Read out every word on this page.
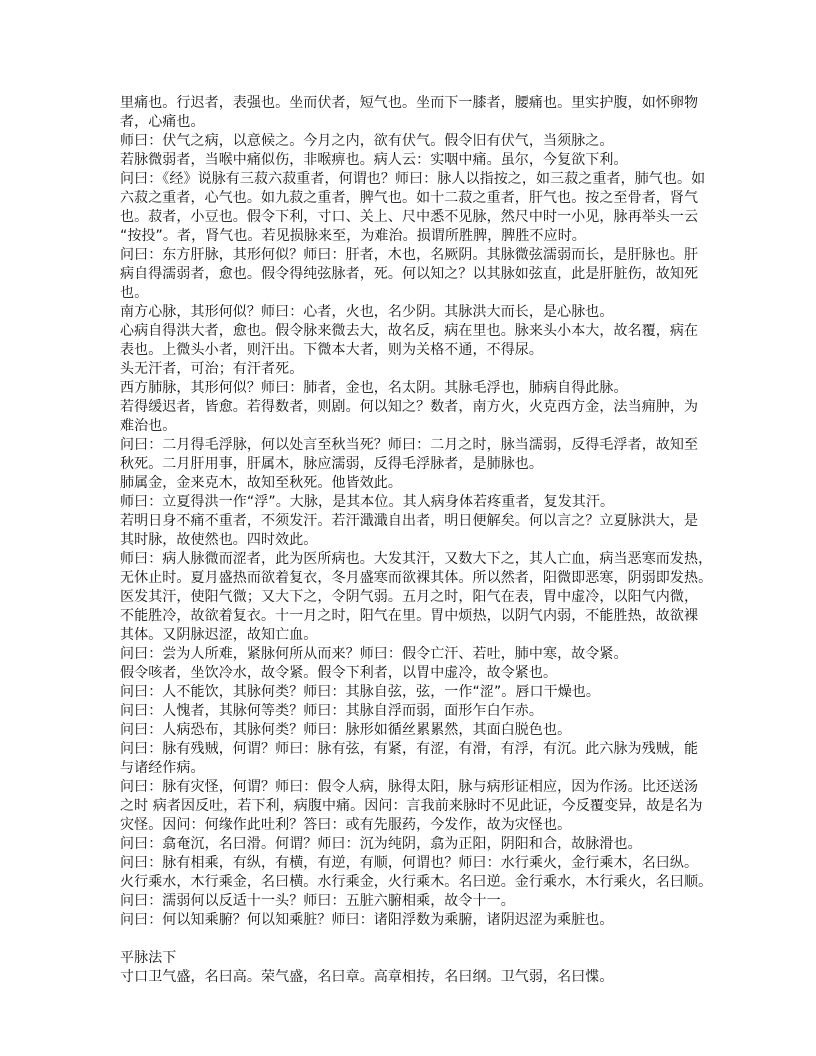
里痛也。行迟者，表强也。坐而伏者，短气也。坐而下一膝者，腰痛也。里实护腹，如怀卵物
者，心痛也。
师曰：伏气之病，以意候之。今月之内，欲有伏气。假令旧有伏气，当须脉之。
若脉微弱者，当喉中痛似伤，非喉痹也。病人云：实咽中痛。虽尔，今复欲下利。
问曰：《经》说脉有三菽六菽重者，何谓也？师曰：脉人以指按之，如三菽之重者，肺气也。如
六菽之重者，心气也。如九菽之重者，脾气也。如十二菽之重者，肝气也。按之至骨者，肾气
也。菽者，小豆也。假令下利，寸口、关上、尺中悉不见脉，然尺中时一小见，脉再举头一云
“按投”。者，肾气也。若见损脉来至，为难治。损谓所胜脾，脾胜不应时。
问曰：东方肝脉，其形何似？师曰：肝者，木也，名厥阴。其脉微弦濡弱而长，是肝脉也。肝
病自得濡弱者，愈也。假令得纯弦脉者，死。何以知之？以其脉如弦直，此是肝脏伤，故知死
也。
南方心脉，其形何似？师曰：心者，火也，名少阴。其脉洪大而长，是心脉也。
心病自得洪大者，愈也。假令脉来微去大，故名反，病在里也。脉来头小本大，故名覆，病在
表也。上微头小者，则汗出。下微本大者，则为关格不通，不得尿。
头无汗者，可治；有汗者死。
西方肺脉，其形何似？师曰：肺者，金也，名太阴。其脉毛浮也，肺病自得此脉。
若得缓迟者，皆愈。若得数者，则剧。何以知之？数者，南方火，火克西方金，法当痈肿，为
难治也。
问曰：二月得毛浮脉，何以处言至秋当死？师曰：二月之时，脉当濡弱，反得毛浮者，故知至
秋死。二月肝用事，肝属木，脉应濡弱，反得毛浮脉者，是肺脉也。
肺属金，金来克木，故知至秋死。他皆效此。
师曰：立夏得洪一作“浮”。大脉，是其本位。其人病身体若疼重者，复发其汗。
若明日身不痛不重者，不须发汗。若汗濈濈自出者，明日便解矣。何以言之？立夏脉洪大，是
其时脉，故使然也。四时效此。
师曰：病人脉微而涩者，此为医所病也。大发其汗，又数大下之，其人亡血，病当恶寒而发热，
无休止时。夏月盛热而欲着复衣，冬月盛寒而欲裸其体。所以然者，阳微即恶寒，阴弱即发热。
医发其汗，使阳气微；又大下之，令阴气弱。五月之时，阳气在表，胃中虚冷，以阳气内微，
不能胜冷，故欲着复衣。十一月之时，阳气在里。胃中烦热，以阴气内弱，不能胜热，故欲裸
其体。又阴脉迟涩，故知亡血。
问曰：尝为人所难，紧脉何所从而来？师曰：假令亡汗、若吐，肺中寒，故令紧。
假令咳者，坐饮冷水，故令紧。假令下利者，以胃中虚冷，故令紧也。
问曰：人不能饮，其脉何类？师曰：其脉自弦，弦，一作“涩”。唇口干燥也。
问曰：人愧者，其脉何等类？师曰：其脉自浮而弱，面形乍白乍赤。
问曰：人病恐布，其脉何类？师曰：脉形如循丝累累然，其面白脱色也。
问曰：脉有残贼，何谓？师曰：脉有弦，有紧，有涩，有滑，有浮，有沉。此六脉为残贼，能
与诸经作病。
问曰：脉有灾怪，何谓？师曰：假令人病，脉得太阳，脉与病形证相应，因为作汤。比还送汤
之时 病者因反吐，若下利，病腹中痛。因问：言我前来脉时不见此证，今反覆变异，故是名为
灾怪。因问：何缘作此吐利？答曰：或有先服药，今发作，故为灾怪也。
问曰：翕奄沉，名曰滑。何谓？师曰：沉为纯阴，翕为正阳，阴阳和合，故脉滑也。
问曰：脉有相乘，有纵，有横，有逆，有顺，何谓也？师曰：水行乘火，金行乘木，名曰纵。
火行乘水，木行乘金，名曰横。水行乘金，火行乘木。名曰逆。金行乘水，木行乘火，名曰顺。
问曰：濡弱何以反适十一头？师曰：五脏六腑相乘，故令十一。
问曰：何以知乘腑？何以知乘脏？师曰：诸阳浮数为乘腑，诸阴迟涩为乘脏也。
平脉法下
寸口卫气盛，名曰高。荣气盛，名曰章。高章相抟，名曰纲。卫气弱，名曰惵。
